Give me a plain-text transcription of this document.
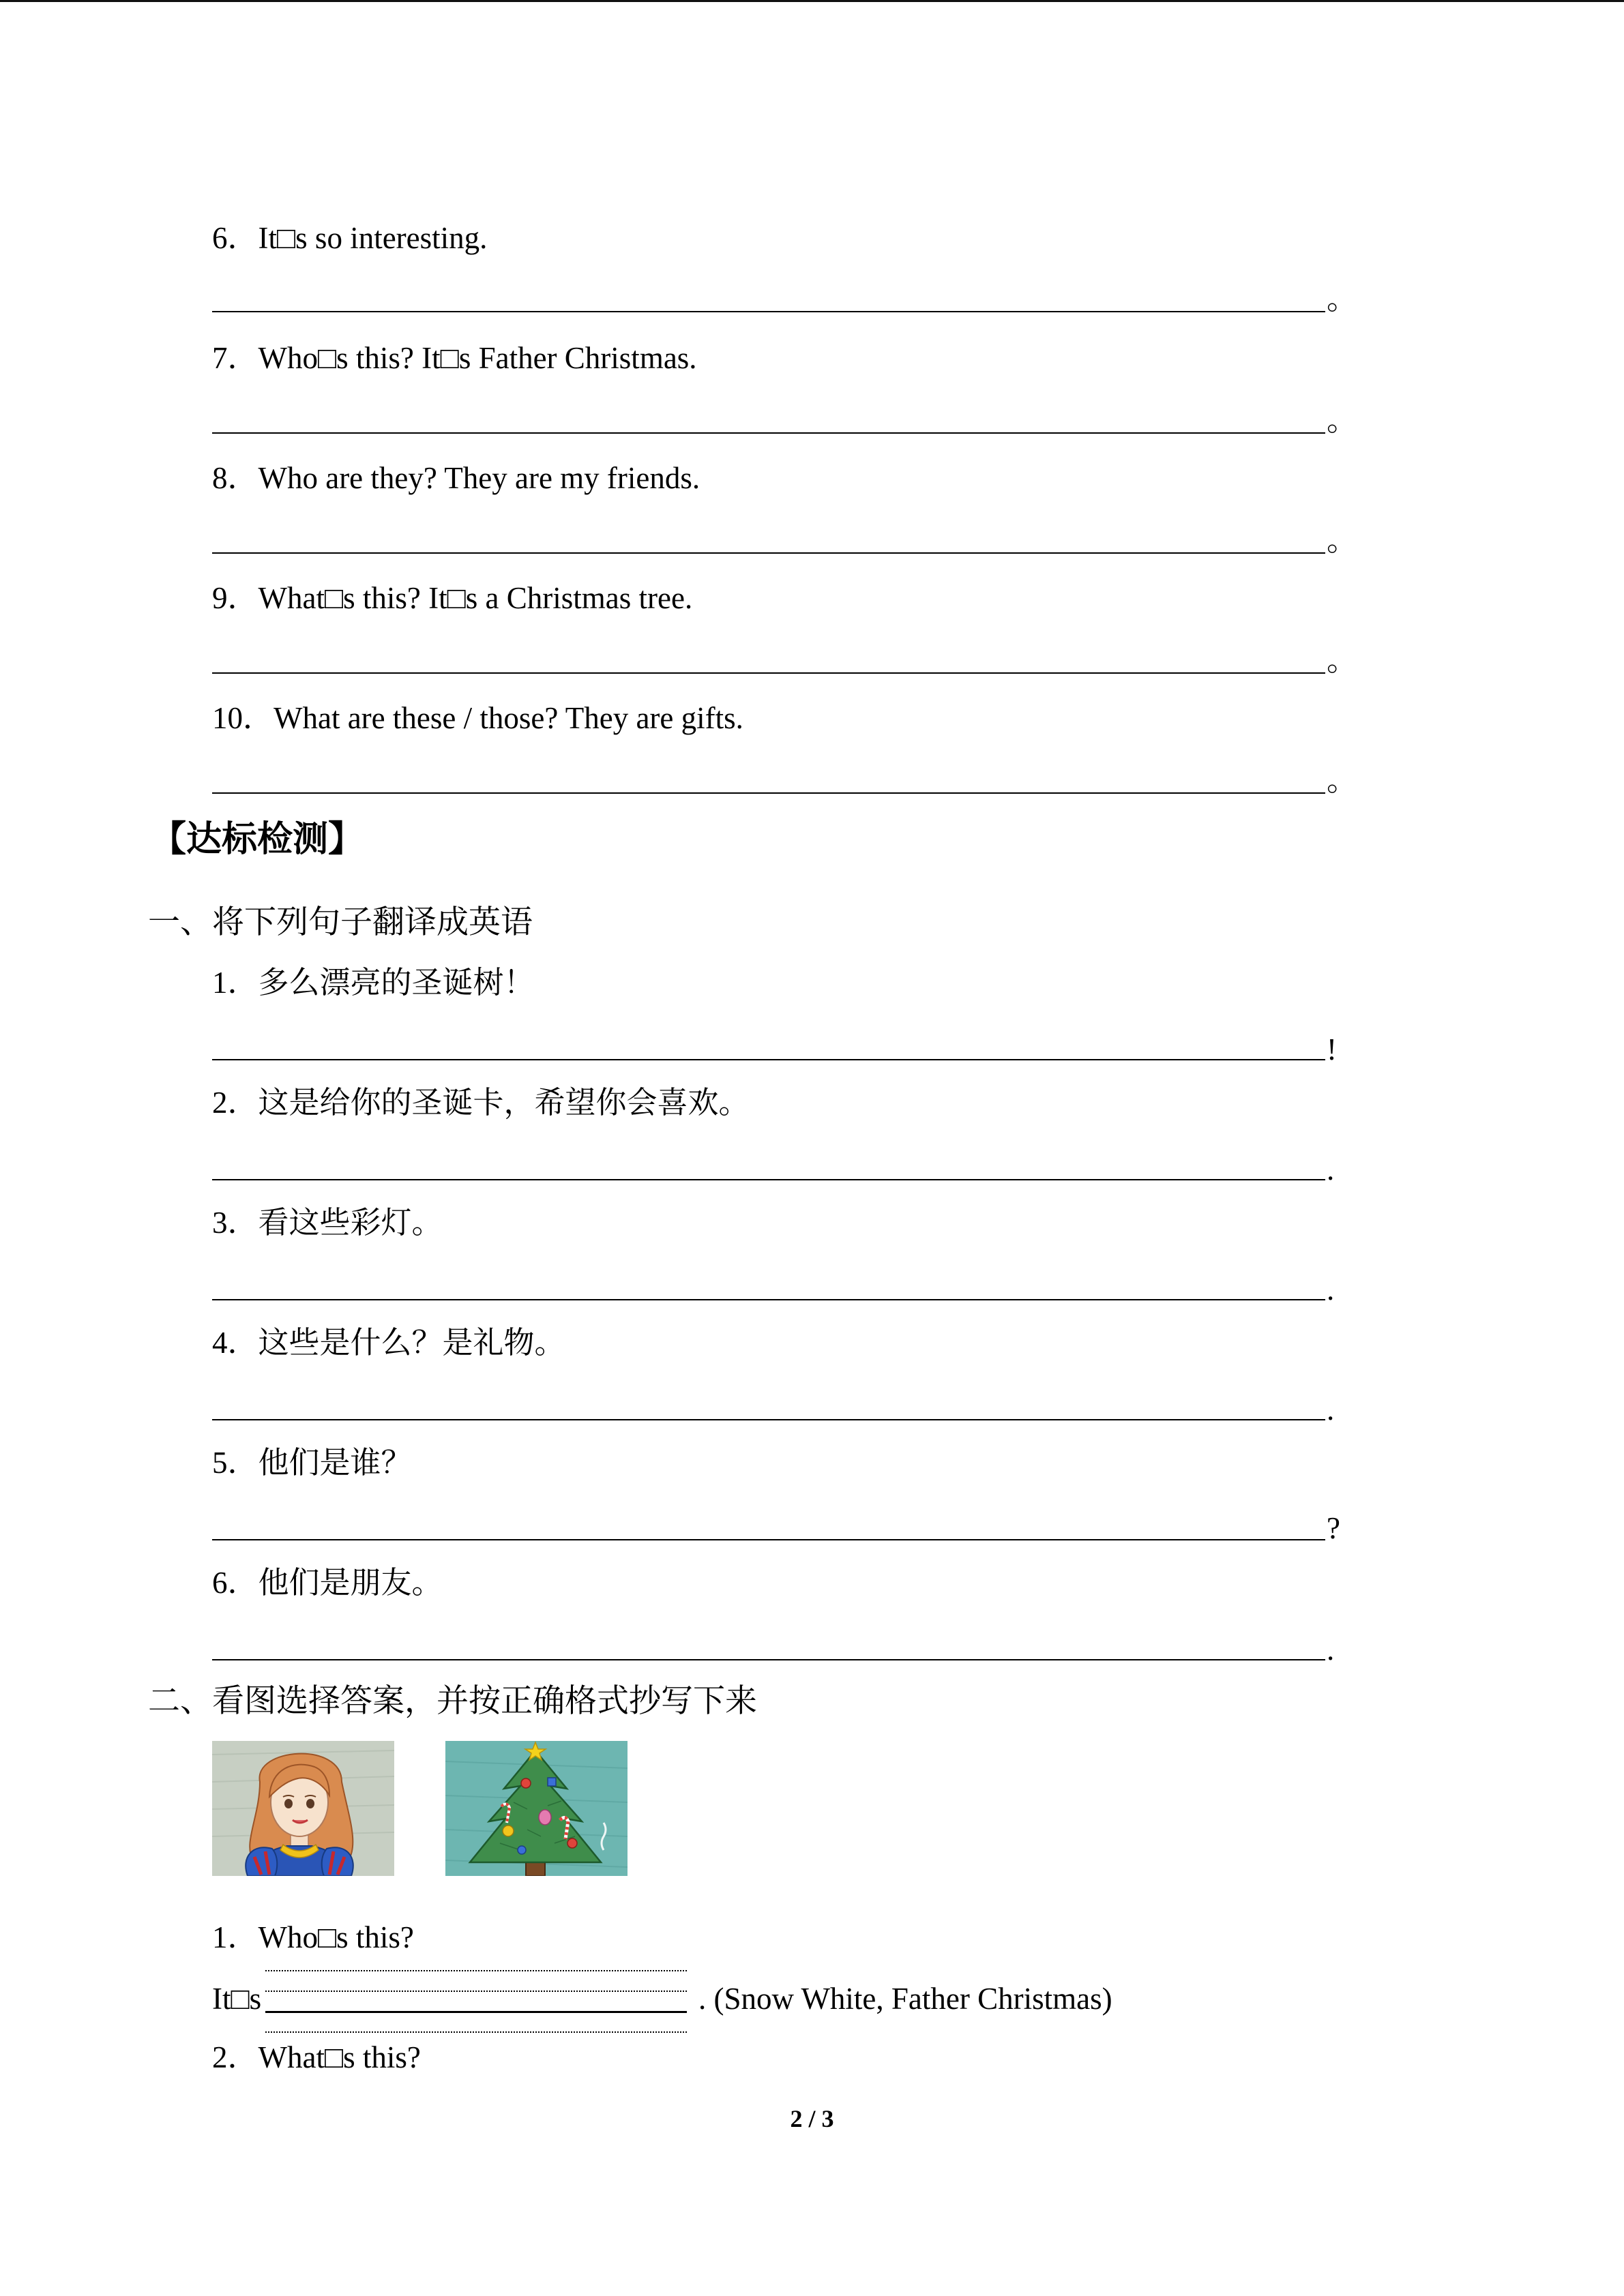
6．It□s so interesting.
。
7．Who□s this? It□s Father Christmas.
。
8．Who are they? They are my friends.
。
9．What□s this? It□s a Christmas tree.
。
10．What are these / those? They are gifts.
。
【达标检测】
一、将下列句子翻译成英语
1．多么漂亮的圣诞树！
!
2．这是给你的圣诞卡，希望你会喜欢。
.
3．看这些彩灯。
.
4．这些是什么？是礼物。
.
5．他们是谁？
?
6．他们是朋友。
.
二、看图选择答案，并按正确格式抄写下来
1．Who□s this?
It□s	. (Snow White, Father Christmas)
2．What□s this?
2 / 3
